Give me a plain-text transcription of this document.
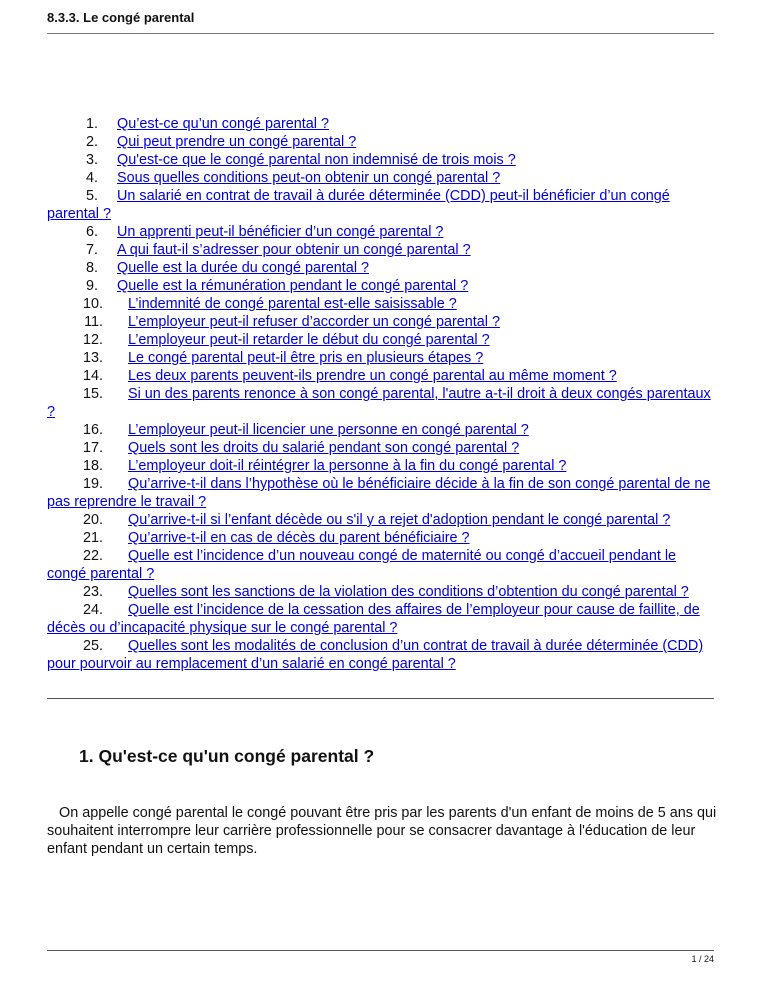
8.3.3. Le congé parental

1. Qu’est-ce qu’un congé parental ?

2. Qui peut prendre un congé parental ?

3. Qu'est-ce que le congé parental non indemnisé de trois mois ?

4. Sous quelles conditions peut-on obtenir un congé parental ?

5. Un salarié en contrat de travail à durée déterminée (CDD) peut-il bénéficier d’un congé parental ?

6. Un apprenti peut-il bénéficier d’un congé parental ?

7. A qui faut-il s’adresser pour obtenir un congé parental ?

8. Quelle est la durée du congé parental ?

9. Quelle est la rémunération pendant le congé parental ?

10. L’indemnité de congé parental est-elle saisissable ?

11. L’employeur peut-il refuser d’accorder un congé parental ?

12. L’employeur peut-il retarder le début du congé parental ?

13. Le congé parental peut-il être pris en plusieurs étapes ?

14. Les deux parents peuvent-ils prendre un congé parental au même moment ?

15. Si un des parents renonce à son congé parental, l'autre a-t-il droit à deux congés parentaux ?

16. L’employeur peut-il licencier une personne en congé parental ?

17. Quels sont les droits du salarié pendant son congé parental ?

18. L’employeur doit-il réintégrer la personne à la fin du congé parental ?

19. Qu’arrive-t-il dans l’hypothèse où le bénéficiaire décide à la fin de son congé parental de ne pas reprendre le travail ?

20. Qu’arrive-t-il si l’enfant décède ou s'il y a rejet d'adoption pendant le congé parental ?

21. Qu’arrive-t-il en cas de décès du parent bénéficiaire ?

22. Quelle est l’incidence d’un nouveau congé de maternité ou congé d’accueil pendant le congé parental ?

23. Quelles sont les sanctions de la violation des conditions d’obtention du congé parental ?

24. Quelle est l’incidence de la cessation des affaires de l’employeur pour cause de faillite, de décès ou d’incapacité physique sur le congé parental ?

25. Quelles sont les modalités de conclusion d’un contrat de travail à durée déterminée (CDD) pour pourvoir au remplacement d’un salarié en congé parental ?

1. Qu'est-ce qu'un congé parental ?

On appelle congé parental le congé pouvant être pris par les parents d'un enfant de moins de 5 ans qui souhaitent interrompre leur carrière professionnelle pour se consacrer davantage à l'éducation de leur enfant pendant un certain temps.

1 / 24
